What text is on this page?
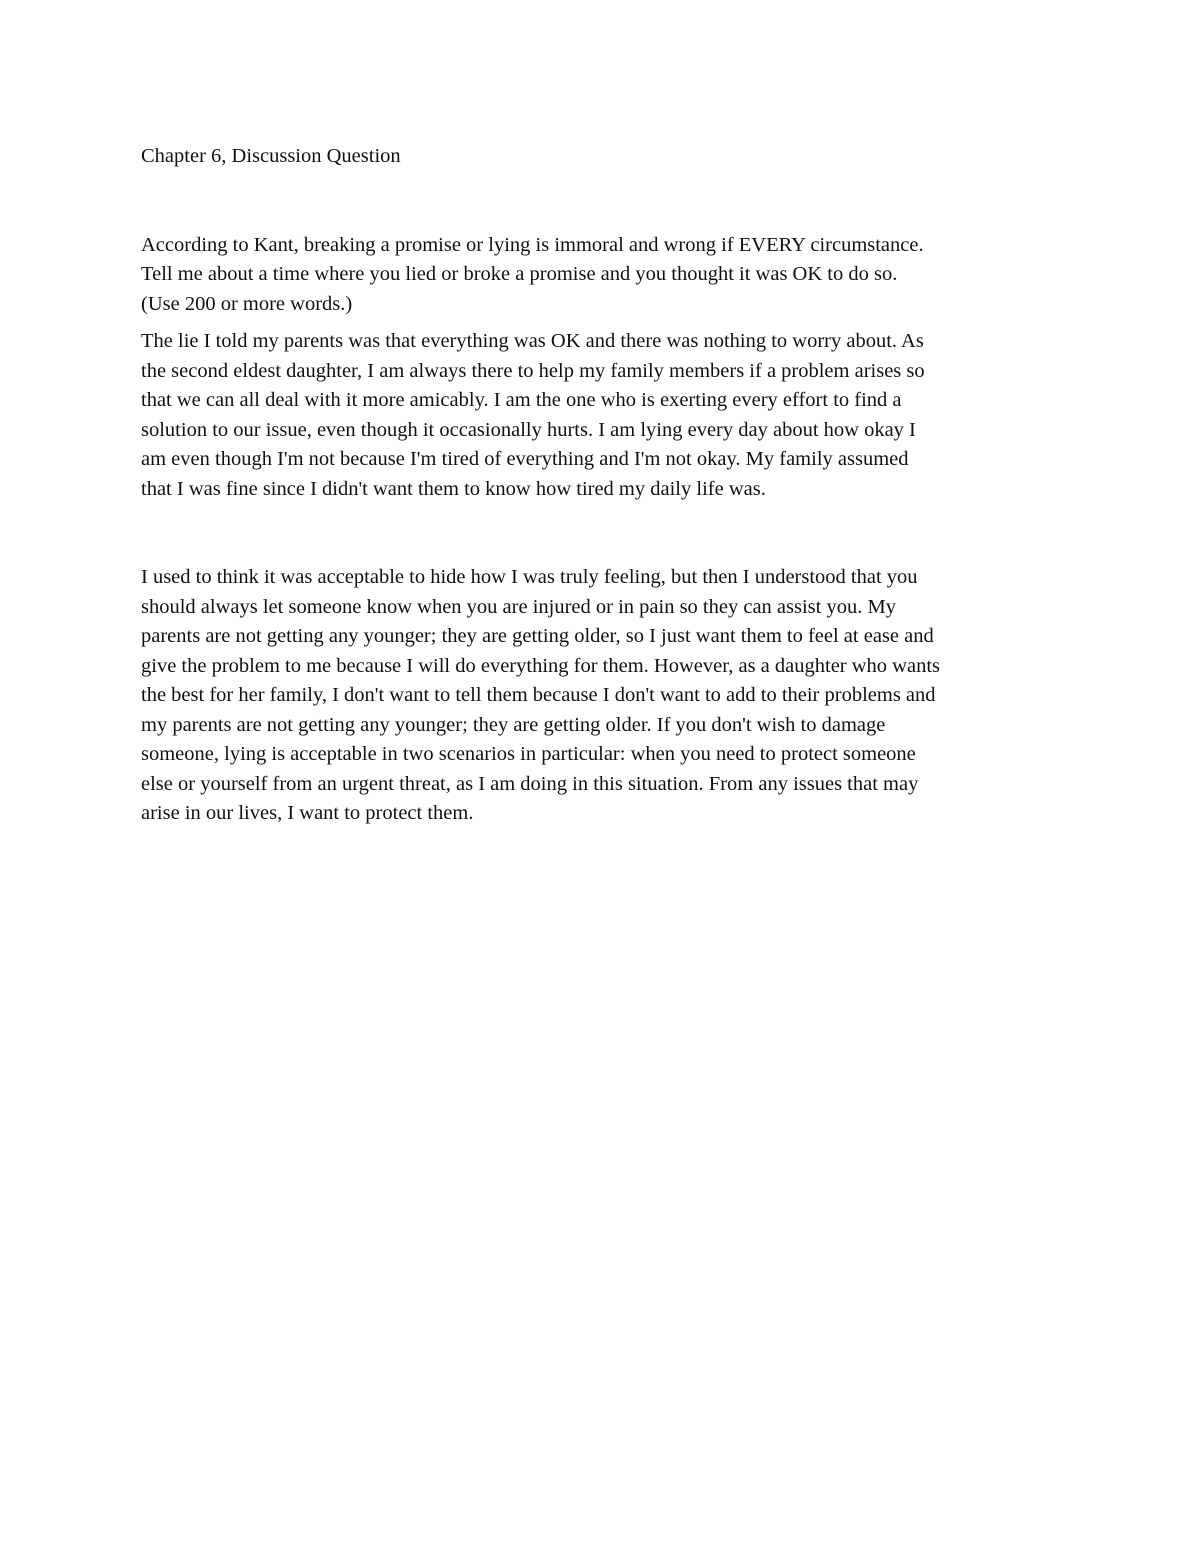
Chapter 6, Discussion Question
According to Kant, breaking a promise or lying is immoral and wrong if EVERY circumstance.
Tell me about a time where you lied or broke a promise and you thought it was OK to do so.
(Use 200 or more words.)
The lie I told my parents was that everything was OK and there was nothing to worry about. As
the second eldest daughter, I am always there to help my family members if a problem arises so
that we can all deal with it more amicably. I am the one who is exerting every effort to find a
solution to our issue, even though it occasionally hurts. I am lying every day about how okay I
am even though I'm not because I'm tired of everything and I'm not okay. My family assumed
that I was fine since I didn't want them to know how tired my daily life was.
I used to think it was acceptable to hide how I was truly feeling, but then I understood that you
should always let someone know when you are injured or in pain so they can assist you. My
parents are not getting any younger; they are getting older, so I just want them to feel at ease and
give the problem to me because I will do everything for them. However, as a daughter who wants
the best for her family, I don't want to tell them because I don't want to add to their problems and
my parents are not getting any younger; they are getting older. If you don't wish to damage
someone, lying is acceptable in two scenarios in particular: when you need to protect someone
else or yourself from an urgent threat, as I am doing in this situation. From any issues that may
arise in our lives, I want to protect them.
